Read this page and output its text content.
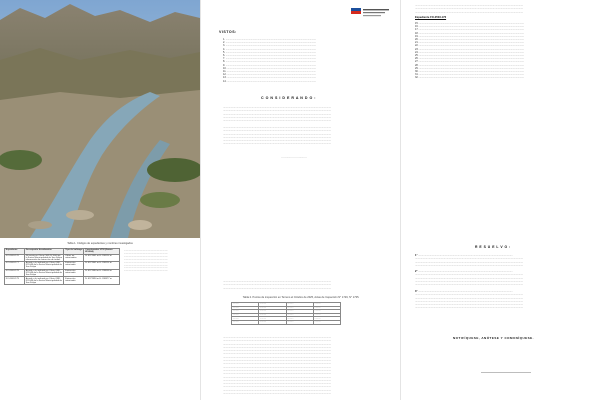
Tabla 1. Códigos de expedientes y nombres investigados
Expediente	Descripción fiscalización	Tipo de hallazgo	Coordenadas UTM (Datum WGS84)
FO-0503-176	No existe en Oficio ORD N°1048 de la Ilustre Municipalidad de San Felipe información de extracción de áridos	Obras no autorizadas	N: 6371941 m E: 338114 m
FO-0503-177	Acorde a lo indicado en Oficio ORD N°1048 de la Ilustre Municipalidad de San Felipe	Extracción autorizada	N: 6371941 m E: 338114 m
FO-0503-178	Acorde a lo indicado en Oficio ORD N°1048 de la Ilustre Municipalidad de San Felipe	Extracción autorizada	N: 6371984 m E: 338006 m
FO-0503-179	Acorde a lo indicado en Oficio ORD N°1048 de la Ilustre Municipalidad de San Felipe	Extracción autorizada	N: 6371990 m E: 338377 m
........................................................................
........................................................................
........................................................................
........................................................................
........................................................................
........................................................................
........................................................................
........................................................................
VISTOS:
1. ..................................................................................................................................
2. ..................................................................................................................................
3. ..................................................................................................................................
4. ..................................................................................................................................
5. ..................................................................................................................................
6. ..................................................................................................................................
7. ..................................................................................................................................
8. ..................................................................................................................................
9. ..................................................................................................................................
10. ................................................................................................................................
11. ................................................................................................................................
12. ................................................................................................................................
13. ................................................................................................................................
14. ................................................................................................................................
C O N S I D E R A N D O :
......................................................................................................................................................
......................................................................................................................................................
......................................................................................................................................................
......................................................................................................................................................
......................................................................................................................................................
......................................................................................................................................................
......................................................................................................................................................
......................................................................................................................................................
......................................................................................................................................................
......................................................................................................................................................
......................................................................................................................................................
····························
......................................................................................................................................................
......................................................................................................................................................
......................................................................................................................................................
Tabla 2. Puntos de inspección en Terreno el Octubre de 2025, Actas de Inspección N° 1729, N° 1735.
..........	..........	..........	..........
..........	..........	..........	..........
..........	..........	..........	..........
..........	..........	..........	..........
..........	..........	..........	..........
..........	..........	..........	..........
......................................................................................................................................................
......................................................................................................................................................
......................................................................................................................................................
......................................................................................................................................................
......................................................................................................................................................
......................................................................................................................................................
......................................................................................................................................................
......................................................................................................................................................
......................................................................................................................................................
......................................................................................................................................................
......................................................................................................................................................
......................................................................................................................................................
......................................................................................................................................................
......................................................................................................................................................
......................................................................................................................................................
......................................................................................................................................................
......................................................................................................................................................
......................................................................................................................................................
......................................................................................................................................................
......................................................................................................................................................
......................................................................................................................................................
Expediente FO-0503-176
15. .......................................................................................................................................................
16. .......................................................................................................................................................
17. .......................................................................................................................................................
18. .......................................................................................................................................................
19. .......................................................................................................................................................
20. .......................................................................................................................................................
21. .......................................................................................................................................................
22. .......................................................................................................................................................
23. .......................................................................................................................................................
24. .......................................................................................................................................................
25. .......................................................................................................................................................
26. .......................................................................................................................................................
27. .......................................................................................................................................................
28. .......................................................................................................................................................
29. .......................................................................................................................................................
30. .......................................................................................................................................................
31. .......................................................................................................................................................
32. .......................................................................................................................................................
R E S U E L V O :
1° ...................................................................................................................................
......................................................................................................................................................
......................................................................................................................................................
......................................................................................................................................................
2° ...................................................................................................................................
......................................................................................................................................................
......................................................................................................................................................
......................................................................................................................................................
......................................................................................................................................................
3° ...................................................................................................................................
......................................................................................................................................................
......................................................................................................................................................
......................................................................................................................................................
......................................................................................................................................................
......................................................................................................................................................
NOTIFÍQUESE, ANÓTESE Y COMUNÍQUESE.
